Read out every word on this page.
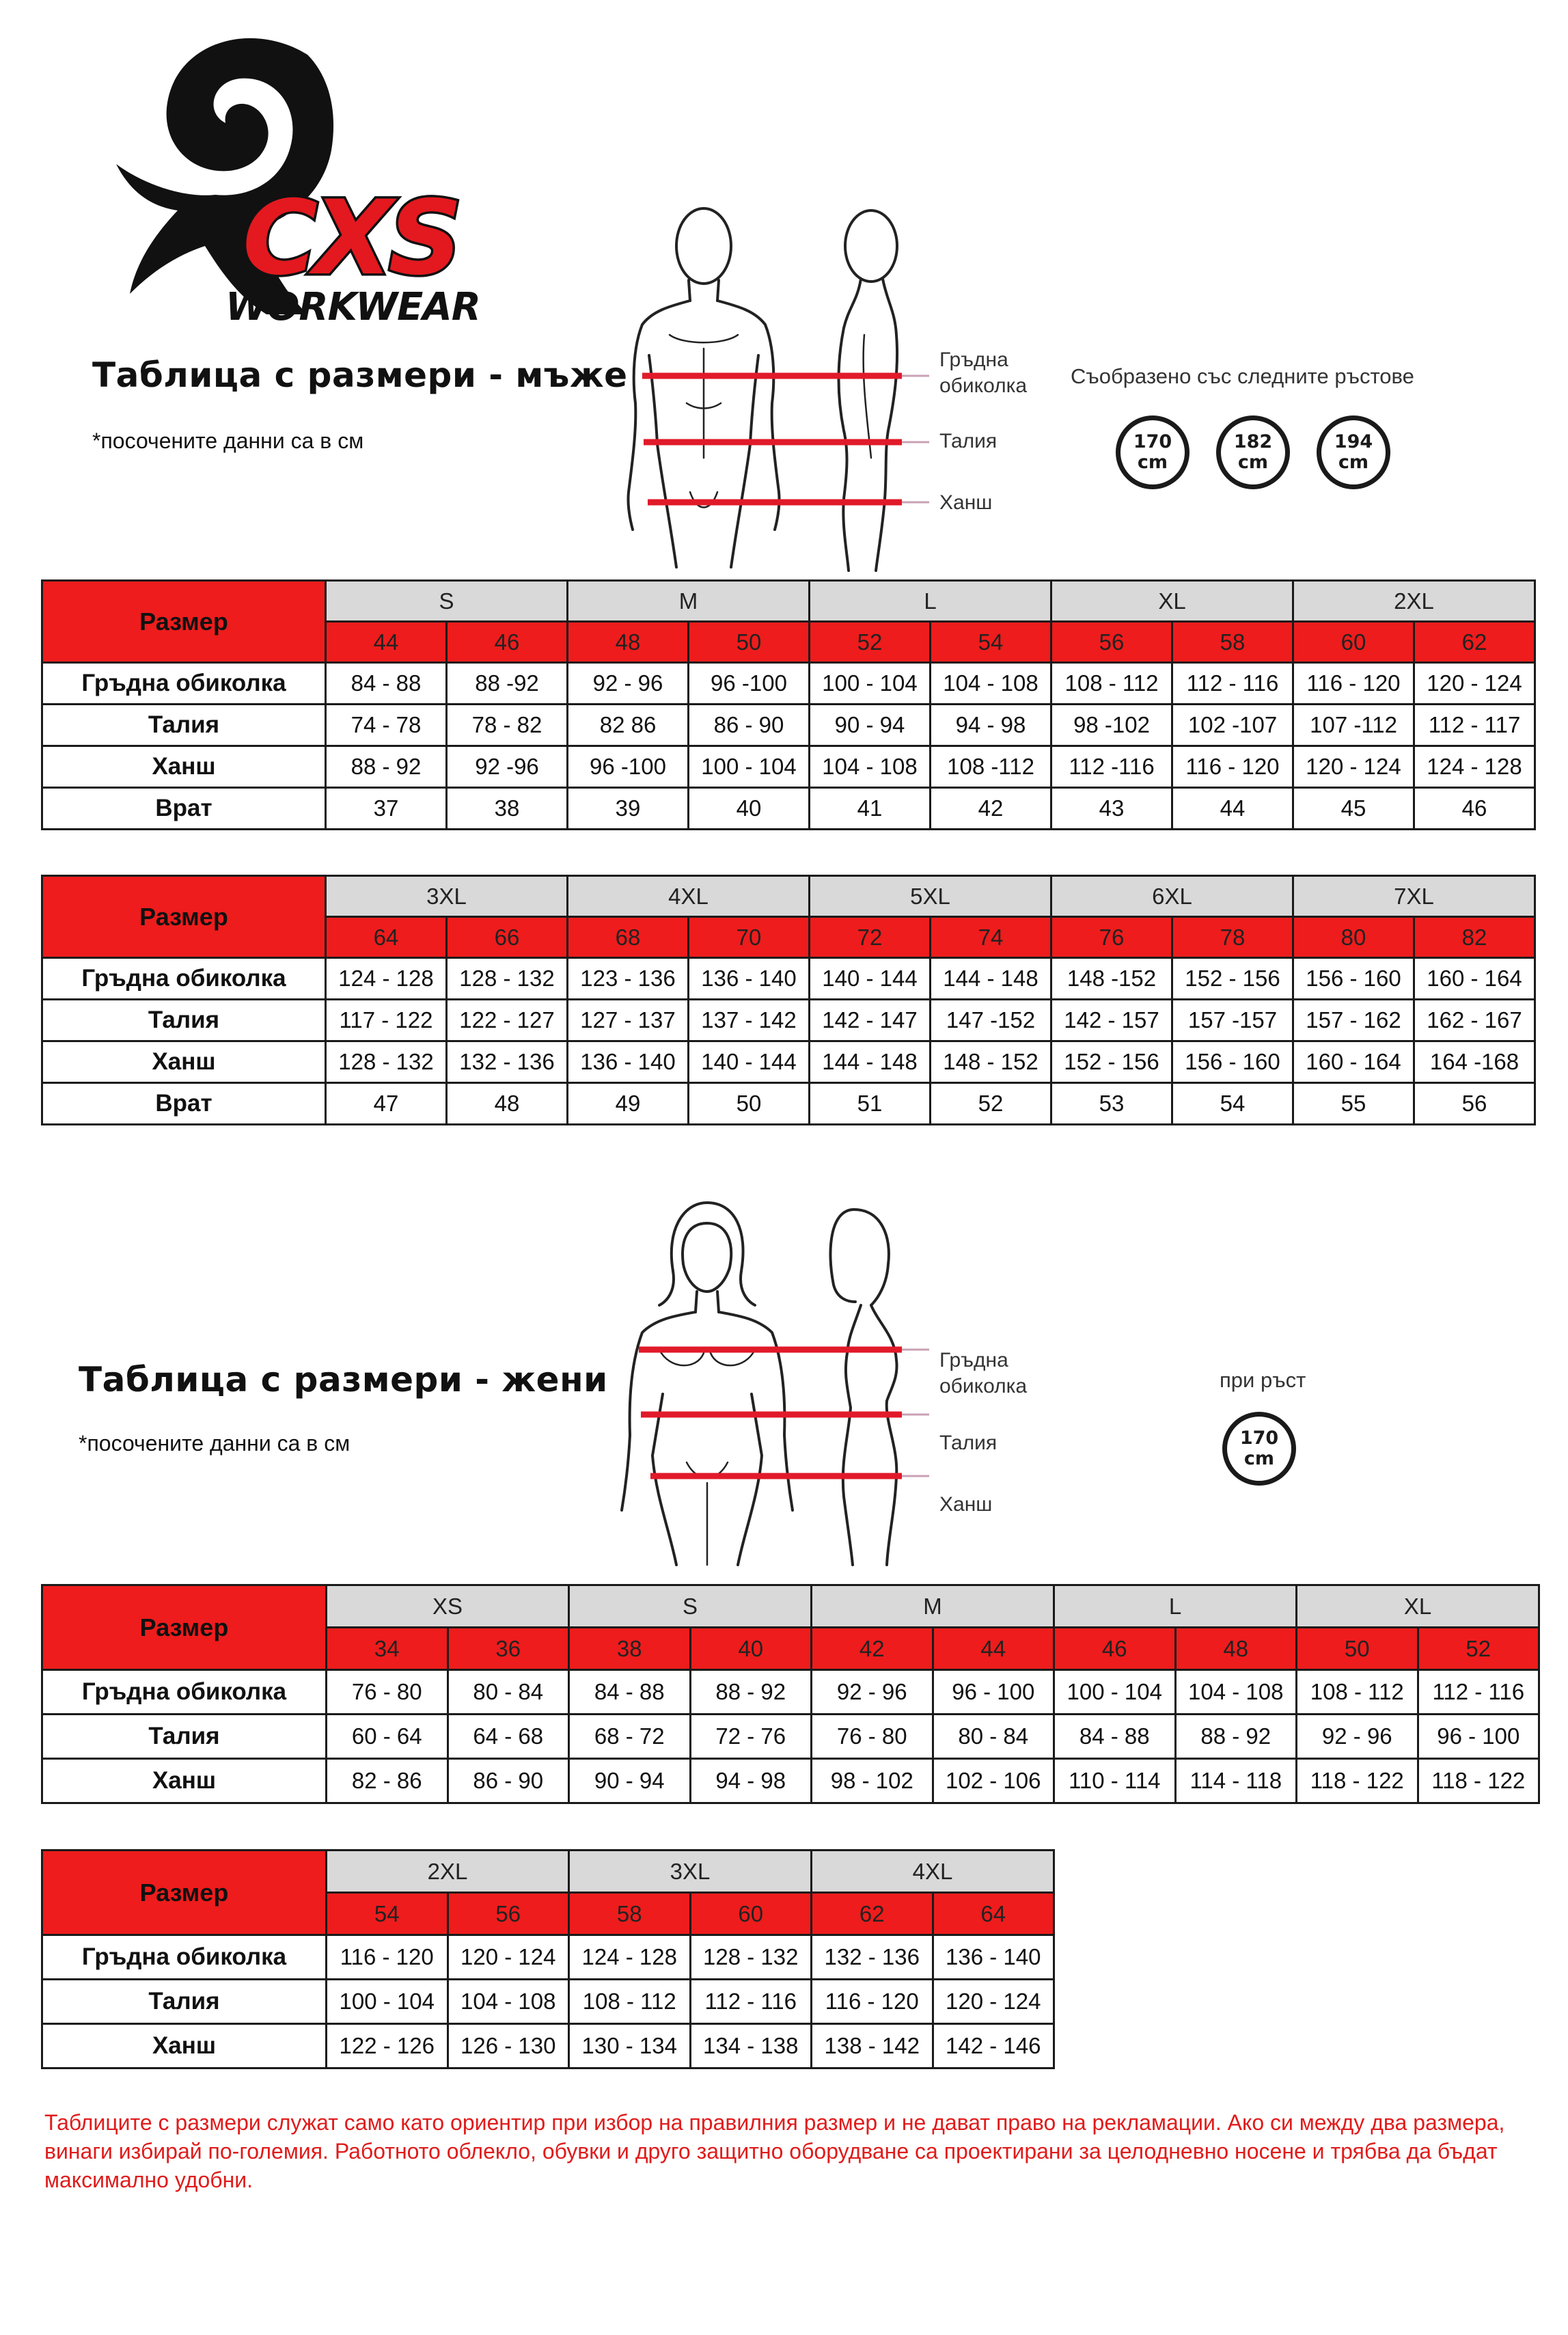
CXS
WORKWEAR
Таблица с размери - мъже
*посочените данни са в см
Гръдна
обиколка
Талия
Ханш
Съобразено със следните ръстове
170
cm
182
cm
194
cm
Размер	S		M		L		XL		2XL	
	44	46	48	50	52	54	56	58	60	62
Гръдна обиколка	84 - 88	88 -92	92 - 96	96 -100	100 - 104	104 - 108	108 - 112	112 - 116	116 - 120	120 - 124
Талия	74 - 78	78 - 82	82 86	86 - 90	90 - 94	94 - 98	98 -102	102 -107	107 -112	112 - 117
Ханш	88 - 92	92 -96	96 -100	100 - 104	104 - 108	108 -112	112 -116	116 - 120	120 - 124	124 - 128
Врат	37	38	39	40	41	42	43	44	45	46
Размер	3XL		4XL		5XL		6XL		7XL	
	64	66	68	70	72	74	76	78	80	82
Гръдна обиколка	124 - 128	128 - 132	123 - 136	136 - 140	140 - 144	144 - 148	148 -152	152 - 156	156 - 160	160 - 164
Талия	117 - 122	122 - 127	127 - 137	137 - 142	142 - 147	147 -152	142 - 157	157 -157	157 - 162	162 - 167
Ханш	128 - 132	132 - 136	136 - 140	140 - 144	144 - 148	148 - 152	152 - 156	156 - 160	160 - 164	164 -168
Врат	47	48	49	50	51	52	53	54	55	56
Таблица с размери - жени
*посочените данни са в см
Гръдна
обиколка
Талия
Ханш
при ръст
170
cm
Размер	XS		S		M		L		XL	
	34	36	38	40	42	44	46	48	50	52
Гръдна обиколка	76 - 80	80 - 84	84 - 88	88 - 92	92 - 96	96 - 100	100 - 104	104 - 108	108 - 112	112 - 116
Талия	60 - 64	64 - 68	68 - 72	72 - 76	76 - 80	80 - 84	84 - 88	88 - 92	92 - 96	96 - 100
Ханш	82 - 86	86 - 90	90 - 94	94 - 98	98 - 102	102 - 106	110 - 114	114 - 118	118 - 122	118 - 122
Размер	2XL		3XL		4XL	
	54	56	58	60	62	64
Гръдна обиколка	116 - 120	120 - 124	124 - 128	128 - 132	132 - 136	136 - 140
Талия	100 - 104	104 - 108	108 - 112	112 - 116	116 - 120	120 - 124
Ханш	122 - 126	126 - 130	130 - 134	134 - 138	138 - 142	142 - 146
Таблиците с размери служат само като ориентир при избор на правилния размер и не дават право на рекламации. Ако си между два размера, винаги избирай по-големия. Работното облекло, обувки и друго защитно оборудване са проектирани за целодневно носене и трябва да бъдат максимално удобни.
